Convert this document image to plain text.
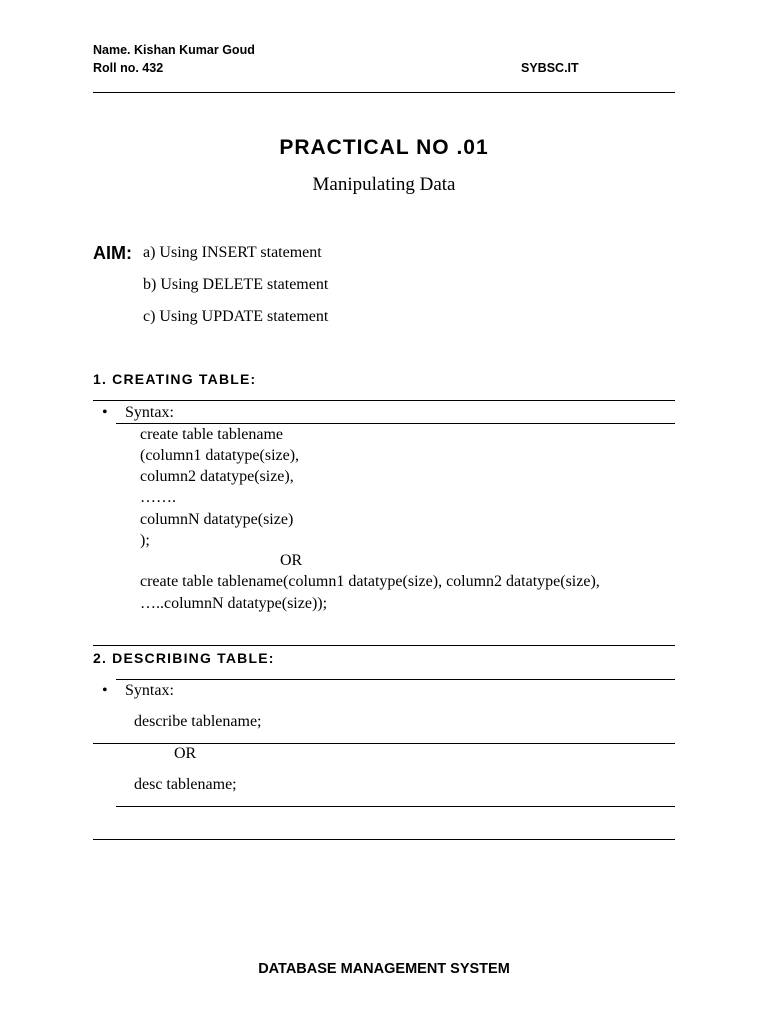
Name. Kishan Kumar Goud
Roll no. 432	SYBSC.IT
PRACTICAL NO .01
Manipulating Data
AIM: a) Using INSERT statement
b) Using DELETE statement
c) Using UPDATE statement
1. CREATING TABLE:
• Syntax:
create table tablename
(column1 datatype(size),
column2 datatype(size),
…….
columnN datatype(size)
);
OR
create table tablename(column1 datatype(size), column2 datatype(size),
…..columnN datatype(size));
2. DESCRIBING TABLE:
• Syntax:
describe tablename;
OR
desc tablename;
DATABASE MANAGEMENT SYSTEM
